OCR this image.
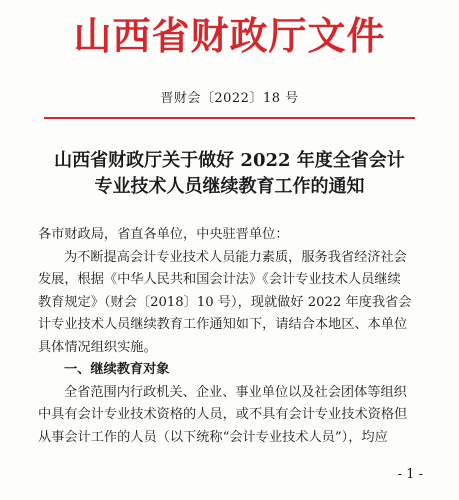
山西省财政厅文件
晋财会〔2022〕18 号
山西省财政厅关于做好 2022 年度全省会计
专业技术人员继续教育工作的通知

各市财政局，省直各单位，中央驻晋单位：

为不断提高会计专业技术人员能力素质，服务我省经济社会

发展，根据《中华人民共和国会计法》《会计专业技术人员继续

教育规定》（财会〔2018〕10 号），现就做好 2022 年度我省会

计专业技术人员继续教育工作通知如下，请结合本地区、本单位

具体情况组织实施。

一、继续教育对象

全省范围内行政机关、企业、事业单位以及社会团体等组织

中具有会计专业技术资格的人员，或不具有会计专业技术资格但

从事会计工作的人员（以下统称“会计专业技术人员”），均应

- 1 -
